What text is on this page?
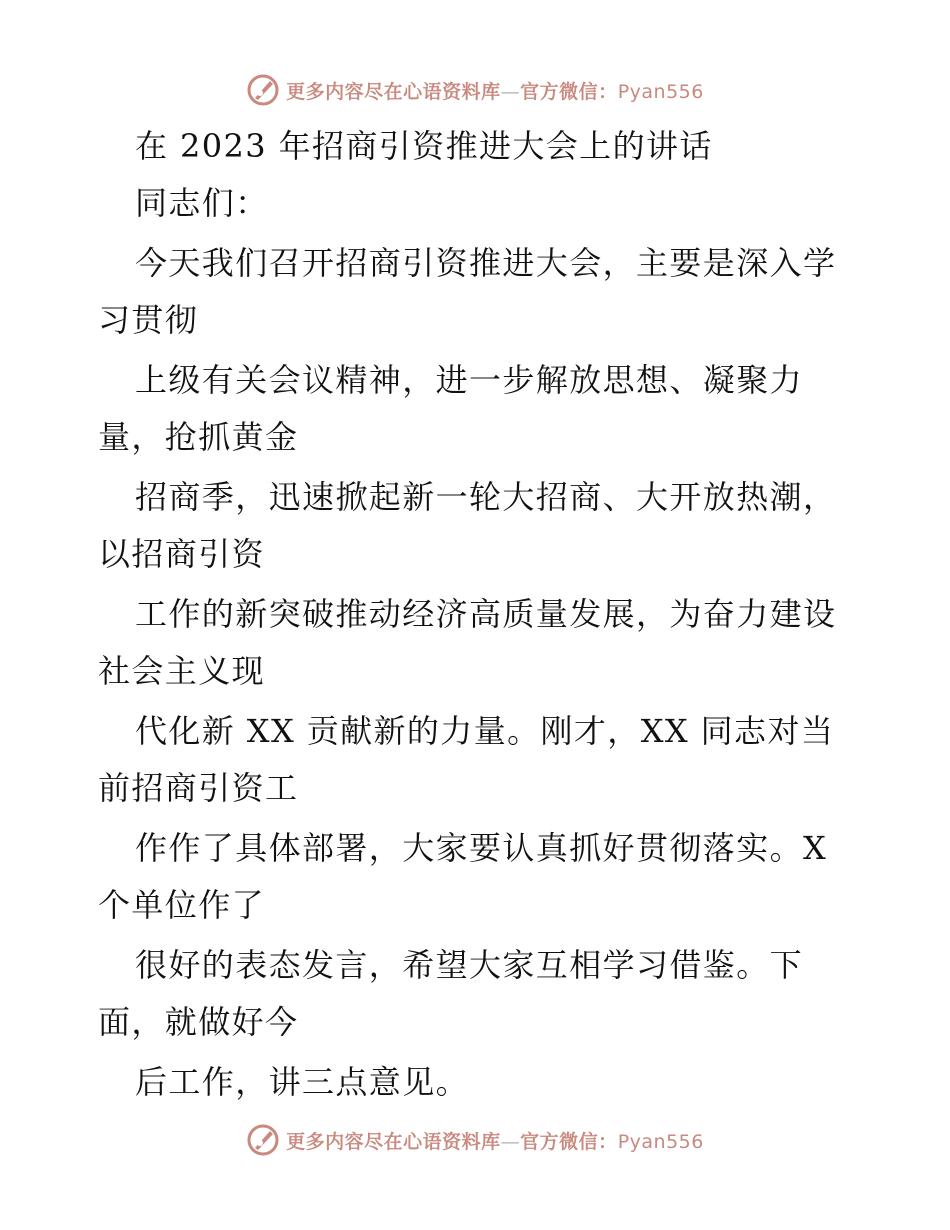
更多内容尽在心语资料库—官方微信：Pyan556
在 2023 年招商引资推进大会上的讲话
同志们：
今天我们召开招商引资推进大会，主要是深入学
习贯彻
上级有关会议精神，进一步解放思想、凝聚力
量，抢抓黄金
招商季，迅速掀起新一轮大招商、大开放热潮，
以招商引资
工作的新突破推动经济高质量发展，为奋力建设
社会主义现
代化新 XX 贡献新的力量。刚才，XX 同志对当
前招商引资工
作作了具体部署，大家要认真抓好贯彻落实。X
个单位作了
很好的表态发言，希望大家互相学习借鉴。下
面，就做好今
后工作，讲三点意见。
更多内容尽在心语资料库—官方微信：Pyan556
